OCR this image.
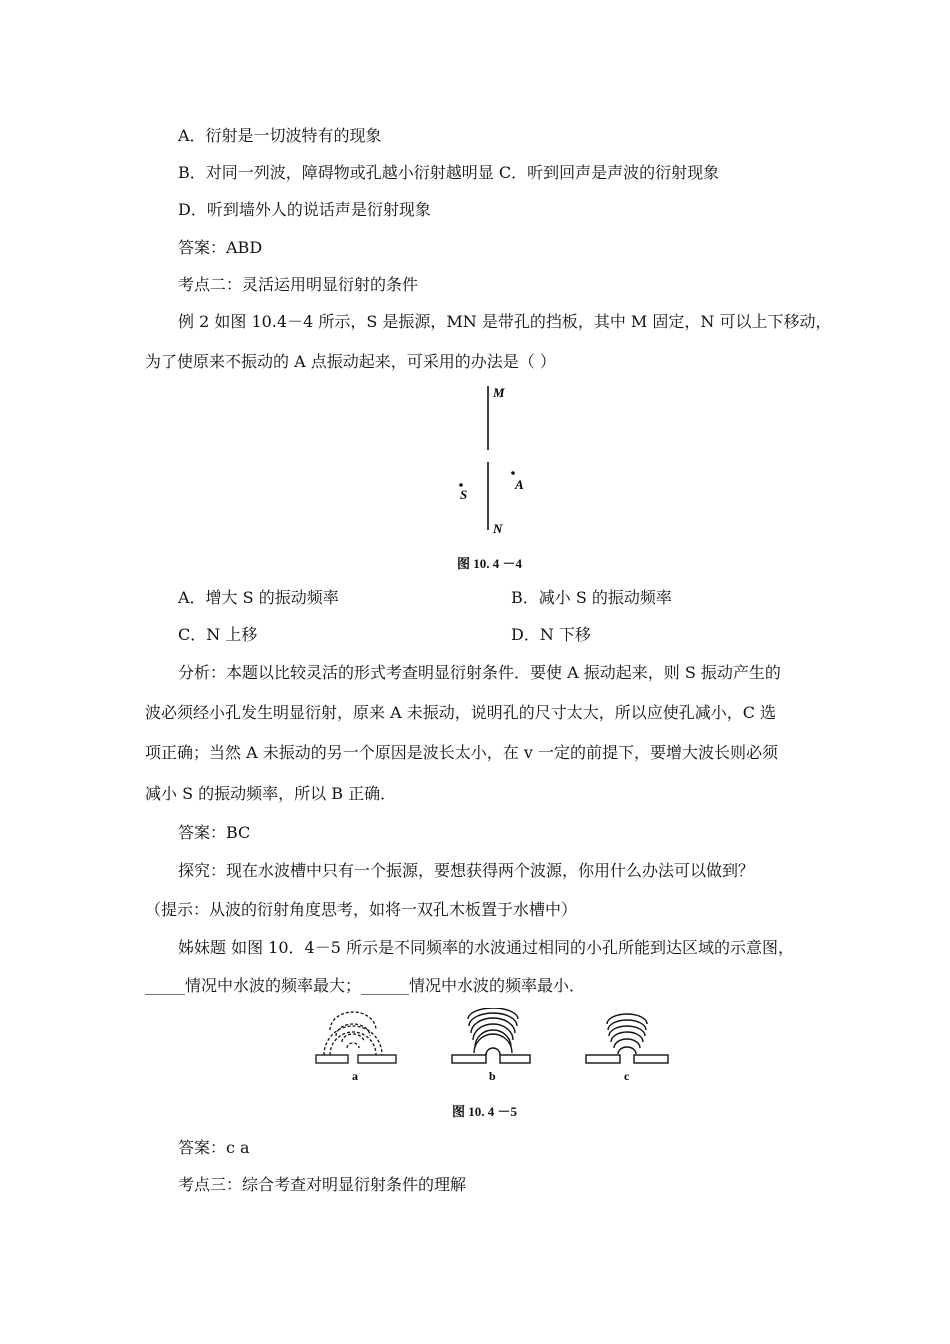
A．衍射是一切波特有的现象
B．对同一列波，障碍物或孔越小衍射越明显 C．听到回声是声波的衍射现象
D．听到墙外人的说话声是衍射现象
答案：ABD
考点二：灵活运用明显衍射的条件
例 2 如图 10.4－4 所示，S 是振源，MN 是带孔的挡板，其中 M 固定，N 可以上下移动，
为了使原来不振动的 A 点振动起来，可采用的办法是（ ）
M
N
S
A
图 10. 4 －4
A．增大 S 的振动频率	B．减小 S 的振动频率
C．N 上移	D．N 下移
分析：本题以比较灵活的形式考查明显衍射条件．要使 A 振动起来，则 S 振动产生的
波必须经小孔发生明显衍射，原来 A 未振动，说明孔的尺寸太大，所以应使孔减小，C 选
项正确；当然 A 未振动的另一个原因是波长太小，在 v 一定的前提下，要增大波长则必须
减小 S 的振动频率，所以 B 正确．
答案：BC
探究：现在水波槽中只有一个振源，要想获得两个波源，你用什么办法可以做到？
（提示：从波的衍射角度思考，如将一双孔木板置于水槽中）
姊妹题 如图 10．4－5 所示是不同频率的水波通过相同的小孔所能到达区域的示意图，
_____情况中水波的频率最大；______情况中水波的频率最小．
a	b	c
图 10. 4 －5
答案：c a
考点三：综合考查对明显衍射条件的理解
